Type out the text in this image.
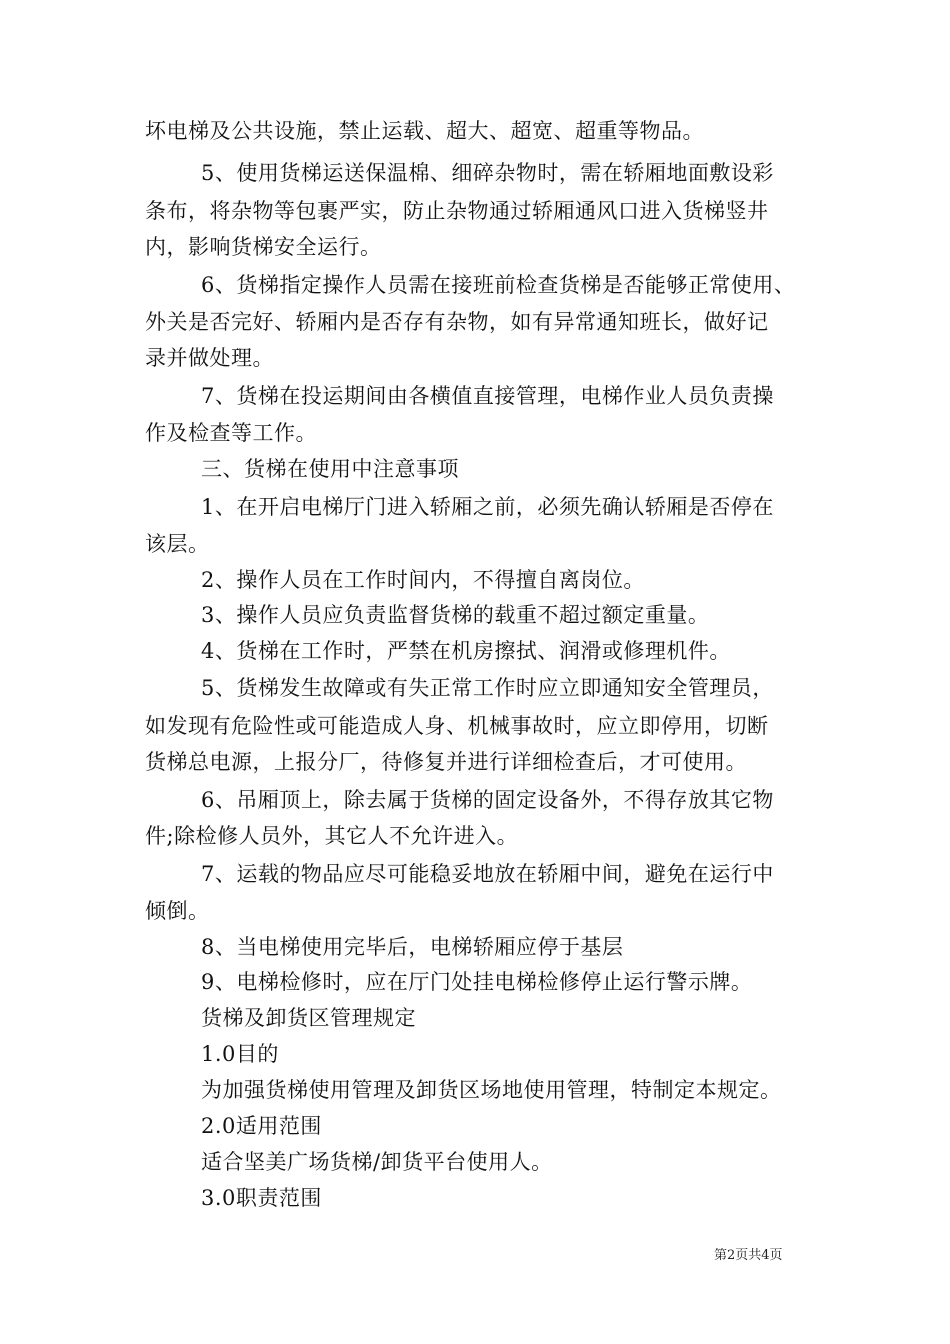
坏电梯及公共设施，禁止运载、超大、超宽、超重等物品。
5、使用货梯运送保温棉、细碎杂物时，需在轿厢地面敷设彩
条布，将杂物等包裹严实，防止杂物通过轿厢通风口进入货梯竖井
内，影响货梯安全运行。
6、货梯指定操作人员需在接班前检查货梯是否能够正常使用、
外关是否完好、轿厢内是否存有杂物，如有异常通知班长，做好记
录并做处理。
7、货梯在投运期间由各横值直接管理，电梯作业人员负责操
作及检查等工作。
三、货梯在使用中注意事项
1、在开启电梯厅门进入轿厢之前，必须先确认轿厢是否停在
该层。
2、操作人员在工作时间内，不得擅自离岗位。
3、操作人员应负责监督货梯的载重不超过额定重量。
4、货梯在工作时，严禁在机房擦拭、润滑或修理机件。
5、货梯发生故障或有失正常工作时应立即通知安全管理员，
如发现有危险性或可能造成人身、机械事故时，应立即停用，切断
货梯总电源，上报分厂，待修复并进行详细检查后，才可使用。
6、吊厢顶上，除去属于货梯的固定设备外，不得存放其它物
件;除检修人员外，其它人不允许进入。
7、运载的物品应尽可能稳妥地放在轿厢中间，避免在运行中
倾倒。
8、当电梯使用完毕后，电梯轿厢应停于基层
9、电梯检修时，应在厅门处挂电梯检修停止运行警示牌。
货梯及卸货区管理规定
1.0目的
为加强货梯使用管理及卸货区场地使用管理，特制定本规定。
2.0适用范围
适合坚美广场货梯/卸货平台使用人。
3.0职责范围
第2页共4页
